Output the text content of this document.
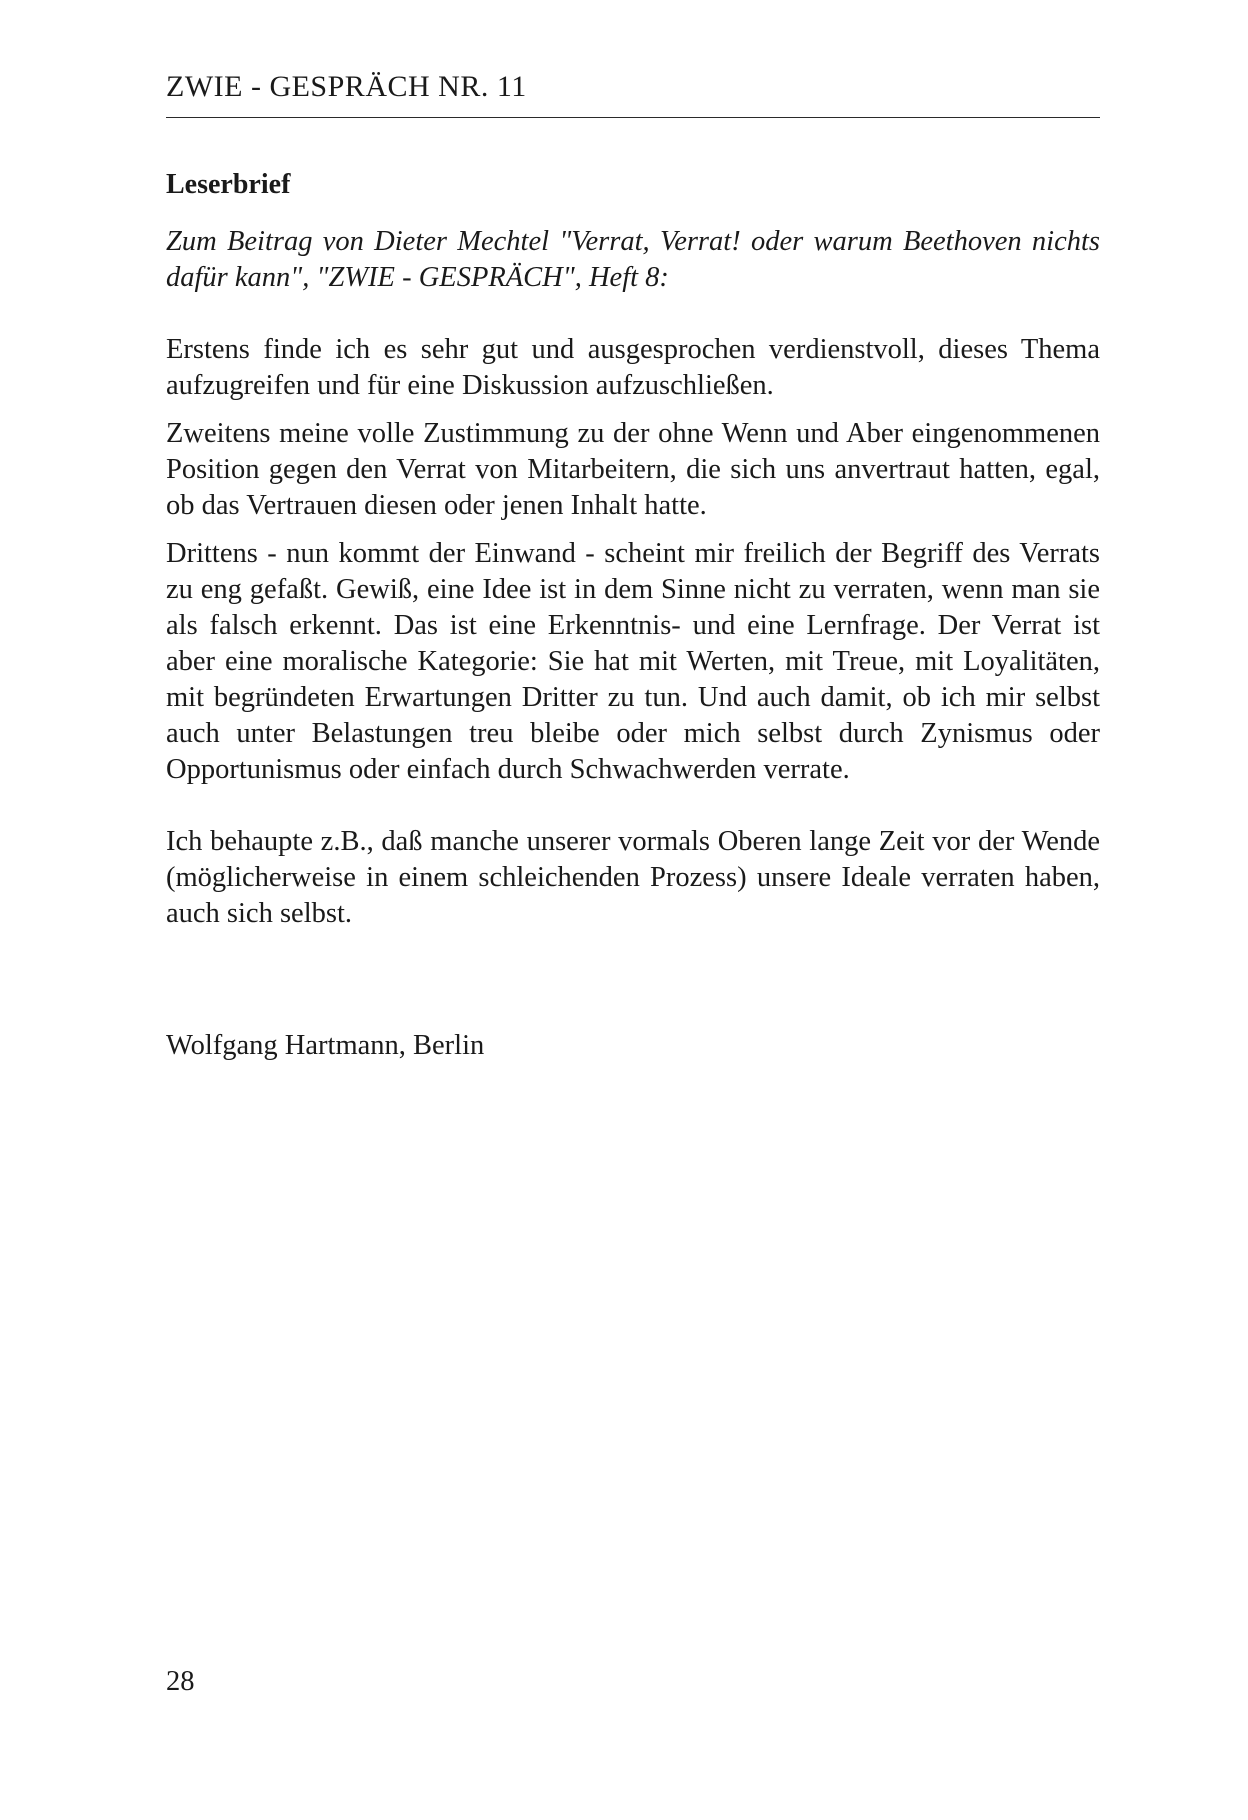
ZWIE - GESPRÄCH NR. 11
Leserbrief

Zum Beitrag von Dieter Mechtel "Verrat, Verrat! oder warum Beethoven nichts dafür kann", "ZWIE - GESPRÄCH", Heft 8:

Erstens finde ich es sehr gut und ausgesprochen verdienstvoll, dieses Thema aufzugreifen und für eine Diskussion aufzuschließen.

Zweitens meine volle Zustimmung zu der ohne Wenn und Aber eingenommenen Position gegen den Verrat von Mitarbeitern, die sich uns anvertraut hatten, egal, ob das Vertrauen diesen oder jenen Inhalt hatte.

Drittens - nun kommt der Einwand - scheint mir freilich der Begriff des Verrats zu eng gefaßt. Gewiß, eine Idee ist in dem Sinne nicht zu verraten, wenn man sie als falsch erkennt. Das ist eine Erkenntnis- und eine Lernfrage. Der Verrat ist aber eine moralische Kategorie: Sie hat mit Werten, mit Treue, mit Loyalitäten, mit begründeten Erwartungen Dritter zu tun. Und auch damit, ob ich mir selbst auch unter Belastungen treu bleibe oder mich selbst durch Zynismus oder Opportunismus oder einfach durch Schwachwerden verrate.

Ich behaupte z.B., daß manche unserer vormals Oberen lange Zeit vor der Wende (möglicherweise in einem schleichenden Prozess) unsere Ideale verraten haben, auch sich selbst.

Wolfgang Hartmann, Berlin

28
